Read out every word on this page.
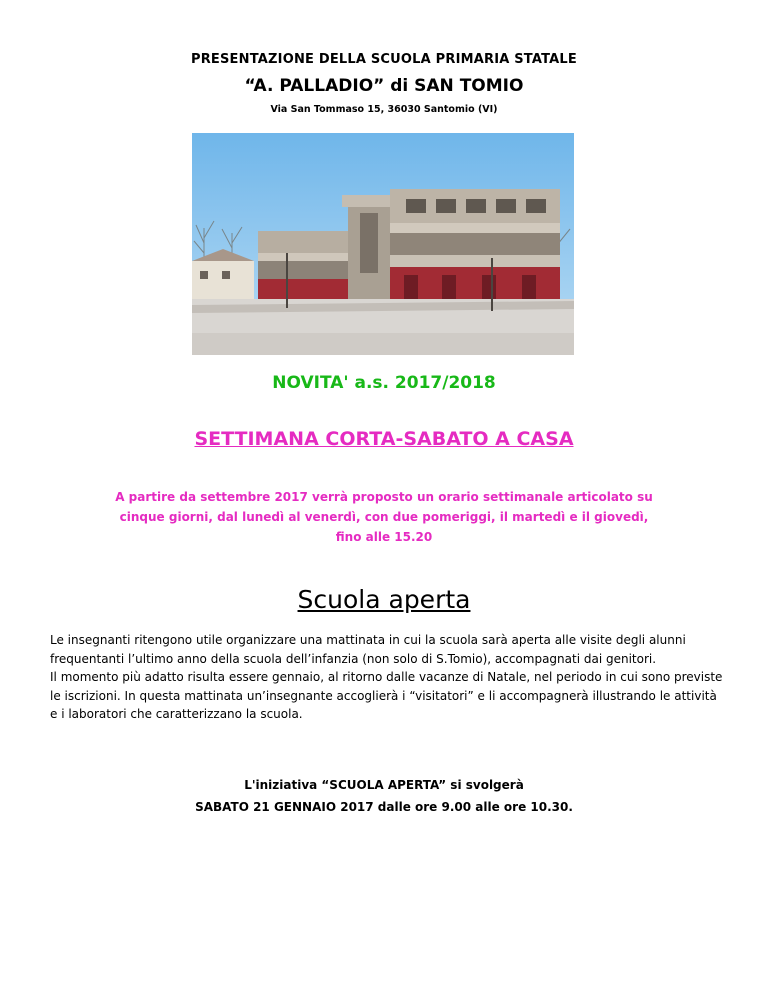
PRESENTAZIONE DELLA SCUOLA PRIMARIA STATALE
“A. PALLADIO” di SAN TOMIO
Via San Tommaso 15, 36030 Santomio (VI)
NOVITA' a.s. 2017/2018
SETTIMANA CORTA-SABATO A CASA
A partire da settembre 2017 verrà proposto un orario settimanale articolato su
cinque giorni, dal lunedì al venerdì, con due pomeriggi, il martedì e il giovedì,
fino alle 15.20
Scuola aperta

Le insegnanti ritengono utile organizzare una mattinata in cui la scuola sarà aperta alle visite degli alunni frequentanti l’ultimo anno della scuola dell’infanzia (non solo di S.Tomio), accompagnati dai genitori.

Il momento più adatto risulta essere gennaio, al ritorno dalle vacanze di Natale, nel periodo in cui sono previste le iscrizioni. In questa mattinata un’insegnante accoglierà i “visitatori” e li accompagnerà illustrando le attività e i laboratori che caratterizzano la scuola.

L'iniziativa “SCUOLA APERTA” si svolgerà
SABATO 21 GENNAIO 2017 dalle ore 9.00 alle ore 10.30.
